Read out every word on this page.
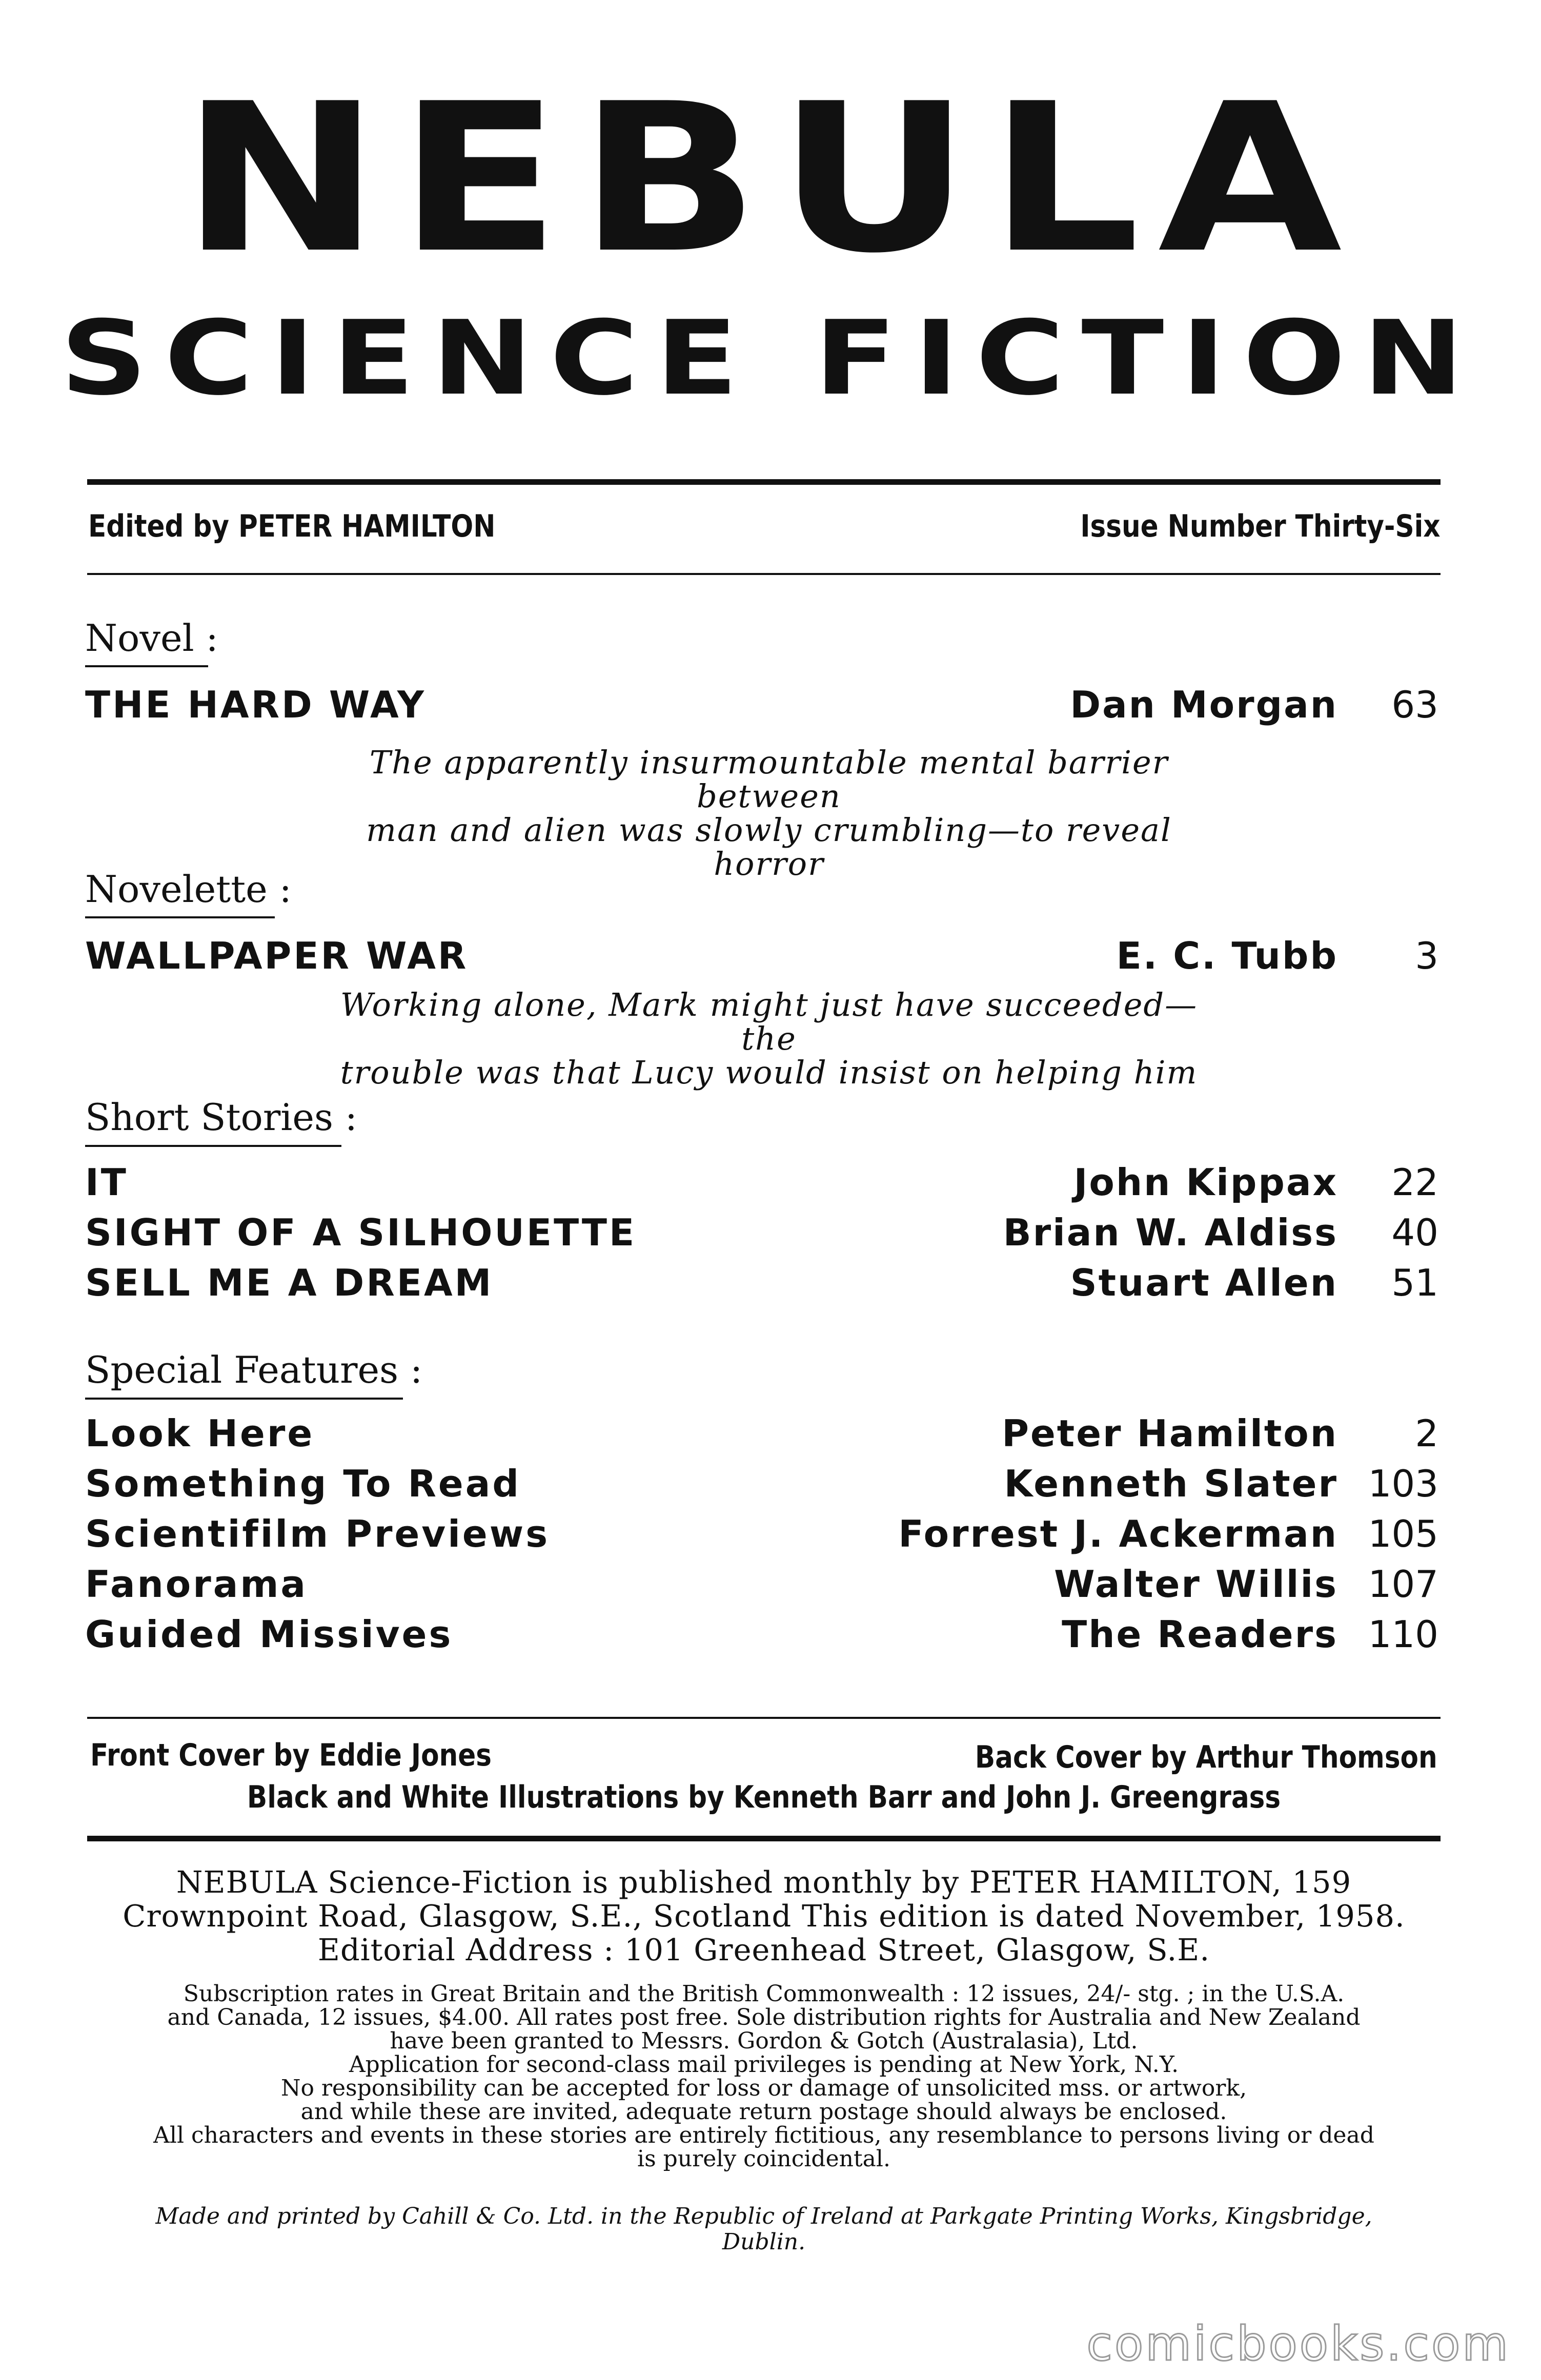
NEBULA
SCIENCE FICTION
Edited by PETER HAMILTON	Issue Number Thirty-Six
Novel :
THE HARD WAY	Dan Morgan 63
The apparently insurmountable mental barrier between
man and alien was slowly crumbling—to reveal horror
Novelette :
WALLPAPER WAR	E. C. Tubb 3
Working alone, Mark might just have succeeded—the
trouble was that Lucy would insist on helping him
Short Stories :
IT	John Kippax 22
SIGHT OF A SILHOUETTE	Brian W. Aldiss 40
SELL ME A DREAM	Stuart Allen 51
Special Features :
Look Here	Peter Hamilton 2
Something To Read	Kenneth Slater 103
Scientifilm Previews	Forrest J. Ackerman 105
Fanorama	Walter Willis 107
Guided Missives	The Readers 110
Front Cover by Eddie Jones	Back Cover by Arthur Thomson
Black and White Illustrations by Kenneth Barr and John J. Greengrass
NEBULA Science-Fiction is published monthly by PETER HAMILTON, 159
Crownpoint Road, Glasgow, S.E., Scotland This edition is dated November, 1958.
Editorial Address : 101 Greenhead Street, Glasgow, S.E.
Subscription rates in Great Britain and the British Commonwealth : 12 issues, 24/- stg. ; in the U.S.A.
and Canada, 12 issues, $4.00. All rates post free. Sole distribution rights for Australia and New Zealand
have been granted to Messrs. Gordon & Gotch (Australasia), Ltd.
Application for second-class mail privileges is pending at New York, N.Y.
No responsibility can be accepted for loss or damage of unsolicited mss. or artwork,
and while these are invited, adequate return postage should always be enclosed.
All characters and events in these stories are entirely fictitious, any resemblance to persons living or dead
is purely coincidental.
Made and printed by Cahill & Co. Ltd. in the Republic of Ireland at Parkgate Printing Works, Kingsbridge,
Dublin.
comicbooks.com
